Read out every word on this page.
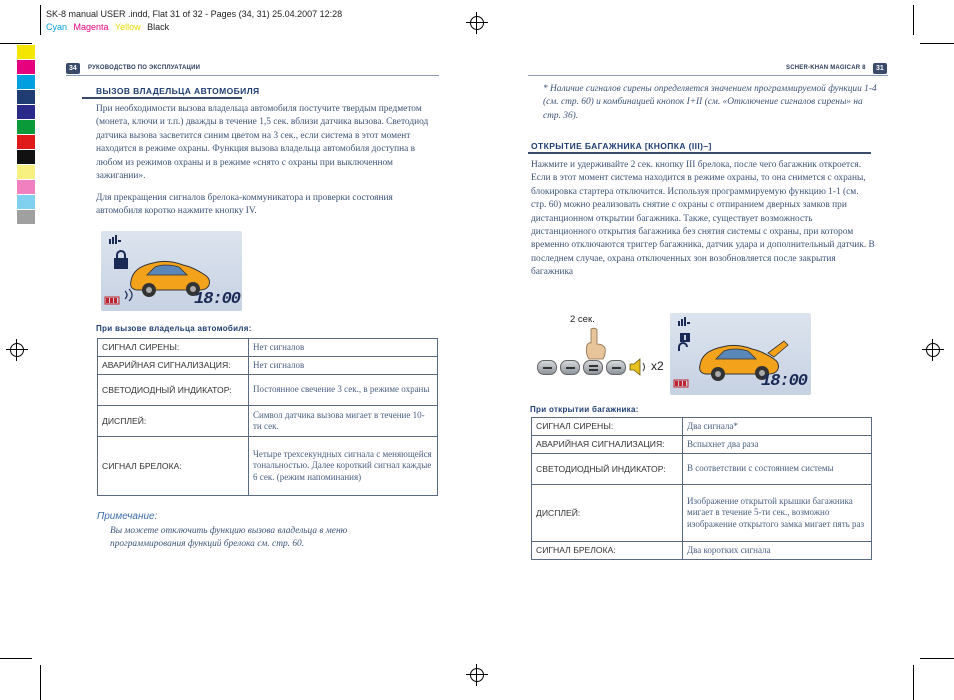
SK-8 manual USER .indd, Flat 31 of 32 - Pages (34, 31) 25.04.2007 12:28
Cyan Magenta Yellow Black
34	РУКОВОДСТВО ПО ЭКСПЛУАТАЦИИ
ВЫЗОВ ВЛАДЕЛЬЦА АВТОМОБИЛЯ
При необходимости вызова владельца автомобиля постучите твердым предметом (монета, ключи и т.п.) дважды в течение 1,5 сек. вблизи датчика вызова. Светодиод датчика вызова засветится синим цветом на 3 сек., если система в этот момент находится в режиме охраны. Функция вызова владельца автомобиля доступна в любом из режимов охраны и в режиме «снято с охраны при выключенном зажигании».
Для прекращения сигналов брелока-коммуникатора и проверки состояния автомобиля коротко нажмите кнопку IV.
18:00
При вызове владельца автомобиля:
СИГНАЛ СИРЕНЫ:	Нет сигналов
АВАРИЙНАЯ СИГНАЛИЗАЦИЯ:	Нет сигналов
СВЕТОДИОДНЫЙ ИНДИКАТОР:	Постоянное свечение 3 сек., в режиме охраны
ДИСПЛЕЙ:	Символ датчика вызова мигает в течение 10-ти сек.
СИГНАЛ БРЕЛОКА:	Четыре трехсекундных сигнала с меняющейся тональностью. Далее короткий сигнал каждые 6 сек. (режим напоминания)
Примечание:
Вы можете отключить функцию вызова владельца в меню программирования функций брелока см. стр. 60.
SCHER-KHAN MAGICAR 8	31
* Наличие сигналов сирены определяется значением программируемой функции 1-4 (см. стр. 60) и комбинацией кнопок I+II (см. «Отключение сигналов сирены» на стр. 36).
ОТКРЫТИЕ БАГАЖНИКА [КНОПКА (III)–]
Нажмите и удерживайте 2 сек. кнопку III брелока, после чего багажник откроется. Если в этот момент система находится в режиме охраны, то она снимется с охраны, блокировка стартера отключится. Используя программируемую функцию 1-1 (см. стр. 60) можно реализовать снятие с охраны с отпиранием дверных замков при дистанционном открытии багажника. Также, существует возможность дистанционного открытия багажника без снятия системы с охраны, при котором временно отключаются триггер багажника, датчик удара и дополнительный датчик. В последнем случае, охрана отключенных зон возобновляется после закрытия багажника
2 сек.
x2
18:00
При открытии багажника:
СИГНАЛ СИРЕНЫ:	Два сигнала*
АВАРИЙНАЯ СИГНАЛИЗАЦИЯ:	Вспыхнет два раза
СВЕТОДИОДНЫЙ ИНДИКАТОР:	В соответствии с состоянием системы
ДИСПЛЕЙ:	Изображение открытой крышки багажника мигает в течение 5-ти сек., возможно изображение открытого замка мигает пять раз
СИГНАЛ БРЕЛОКА:	Два коротких сигнала
